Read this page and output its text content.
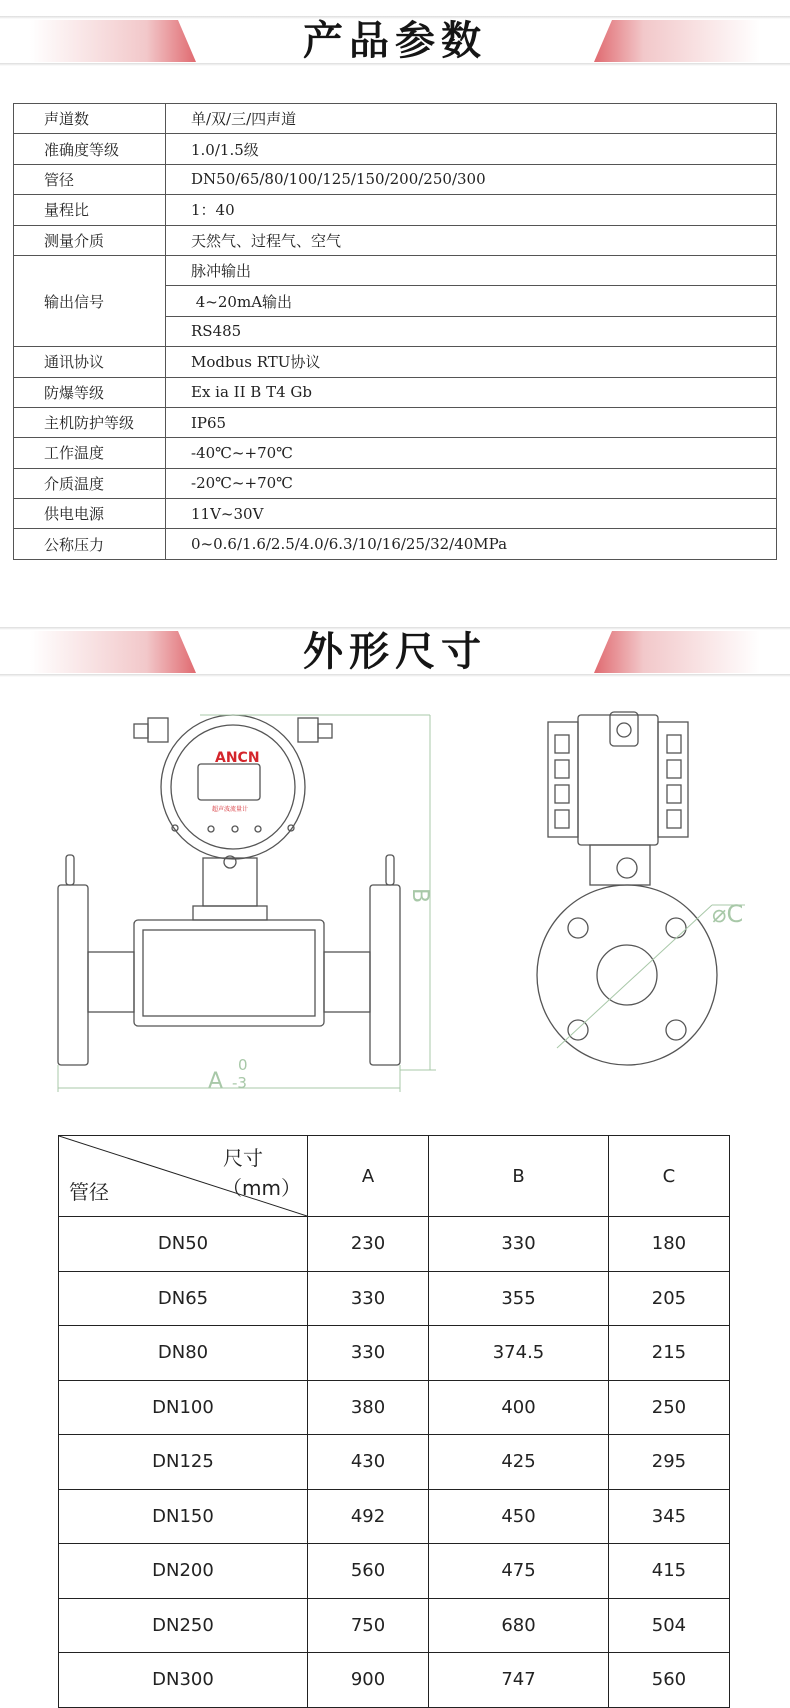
产品参数
声道数	单/双/三/四声道
准确度等级	1.0/1.5级
管径	DN50/65/80/100/125/150/200/250/300
量程比	1：40
测量介质	天然气、过程气、空气
输出信号	脉冲输出
	4~20mA输出
	RS485
通讯协议	Modbus RTU协议
防爆等级	Ex ia II B T4 Gb
主机防护等级	IP65
工作温度	-40℃~+70℃
介质温度	-20℃~+70℃
供电电源	11V~30V
公称压力	0~0.6/1.6/2.5/4.0/6.3/10/16/25/32/40MPa
外形尺寸
ANCN
超声波流量计
B
A
0
-3
⌀C
尺寸
（mm）
管径	A	B	C
DN50	230	330	180
DN65	330	355	205
DN80	330	374.5	215
DN100	380	400	250
DN125	430	425	295
DN150	492	450	345
DN200	560	475	415
DN250	750	680	504
DN300	900	747	560
